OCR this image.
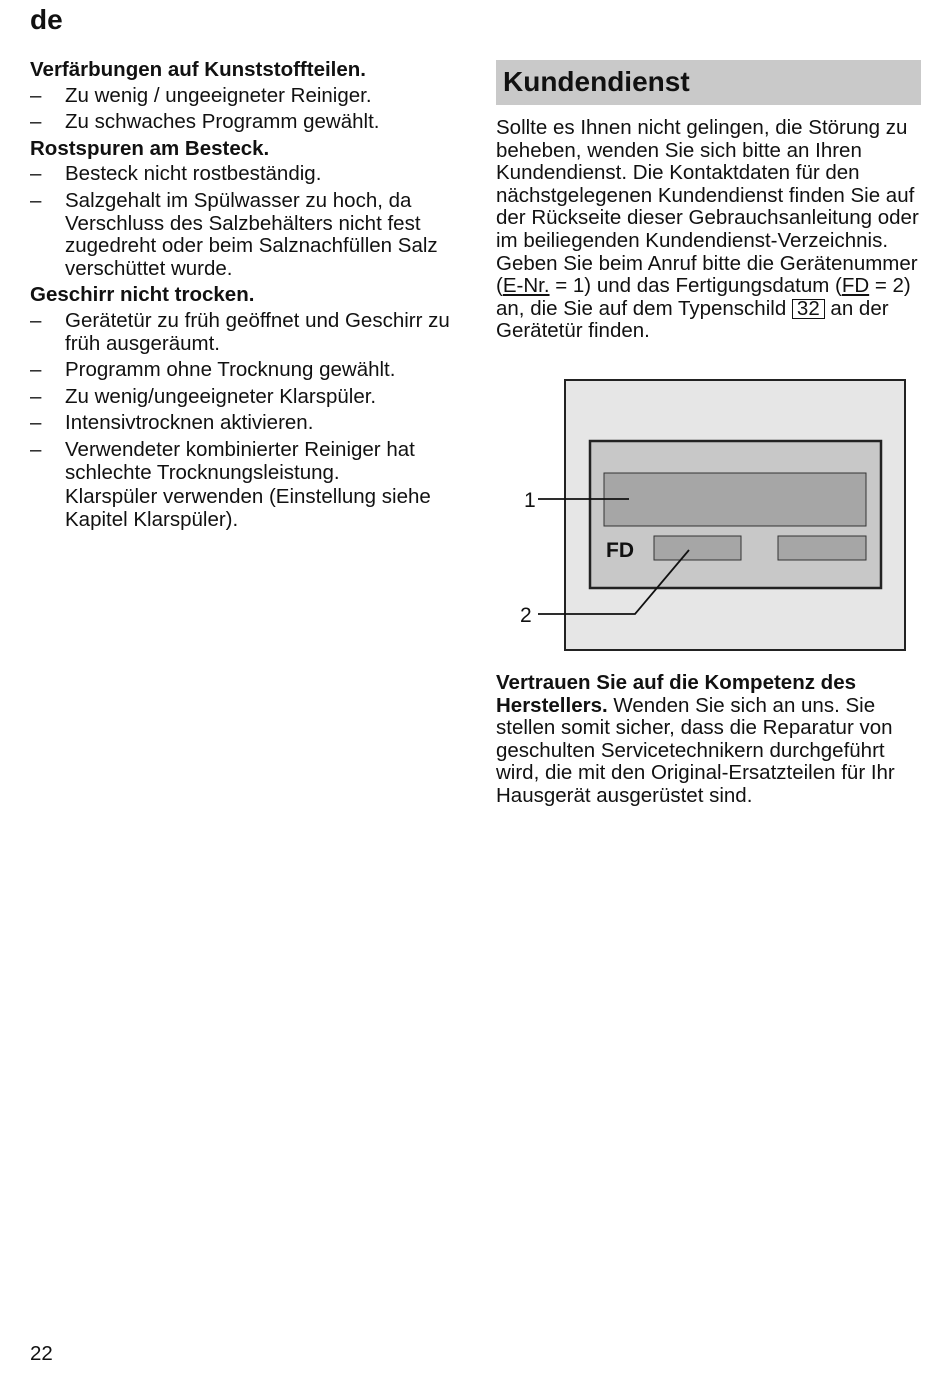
de
Verfärbungen auf Kunststoffteilen.
– Zu wenig / ungeeigneter Reiniger.
– Zu schwaches Programm gewählt.
Rostspuren am Besteck.
– Besteck nicht rostbeständig.
– Salzgehalt im Spülwasser zu hoch, da Verschluss des Salzbehälters nicht fest zugedreht oder beim Salznachfüllen Salz verschüttet wurde.
Geschirr nicht trocken.
– Gerätetür zu früh geöffnet und Geschirr zu früh ausgeräumt.
– Programm ohne Trocknung gewählt.
– Zu wenig/ungeeigneter Klarspüler.
– Intensivtrocknen aktivieren.
– Verwendeter kombinierter Reiniger hat schlechte Trocknungsleistung.

Klarspüler verwenden (Einstellung siehe Kapitel Klarspüler).

Kundendienst

Sollte es Ihnen nicht gelingen, die Störung zu beheben, wenden Sie sich bitte an Ihren Kundendienst. Die Kontaktdaten für den nächstgelegenen Kundendienst finden Sie auf der Rückseite dieser Gebrauchsanleitung oder im beiliegenden Kundendienst-Verzeichnis. Geben Sie beim Anruf bitte die Gerätenummer (E-Nr. = 1) und das Fertigungsdatum (FD = 2) an, die Sie auf dem Typenschild 32 an der Gerätetür finden.

FD
1
2

Vertrauen Sie auf die Kompetenz des Herstellers. Wenden Sie sich an uns. Sie stellen somit sicher, dass die Reparatur von geschulten Servicetechnikern durchgeführt wird, die mit den Original-Ersatzteilen für Ihr Hausgerät ausgerüstet sind.

22
